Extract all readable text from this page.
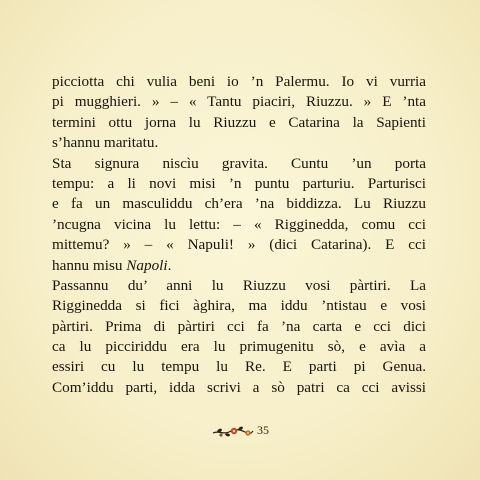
picciotta chi vulia beni io ’n Palermu. Io vi vurria
pi mugghieri. » – « Tantu piaciri, Riuzzu. » E ’nta
termini ottu jorna lu Riuzzu e Catarina la Sapienti
s’hannu maritatu.
Sta signura niscìu gravita. Cuntu ’un porta
tempu: a li novi misi ’n puntu parturiu. Parturisci
e fa un masculiddu ch’era ’na biddizza. Lu Riuzzu
’ncugna vicina lu lettu: – « Rigginedda, comu cci
mittemu? » – « Napuli! » (dici Catarina). E cci
hannu misu Napoli.
Passannu du’ anni lu Riuzzu vosi pàrtiri. La
Rigginedda si fici àghira, ma iddu ’ntistau e vosi
pàrtiri. Prima di pàrtiri cci fa ’na carta e cci dici
ca lu picciriddu era lu primugenitu sò, e avìa a
essiri cu lu tempu lu Re. E parti pi Genua.
Com’iddu parti, idda scrivi a sò patri ca cci avissi
35
